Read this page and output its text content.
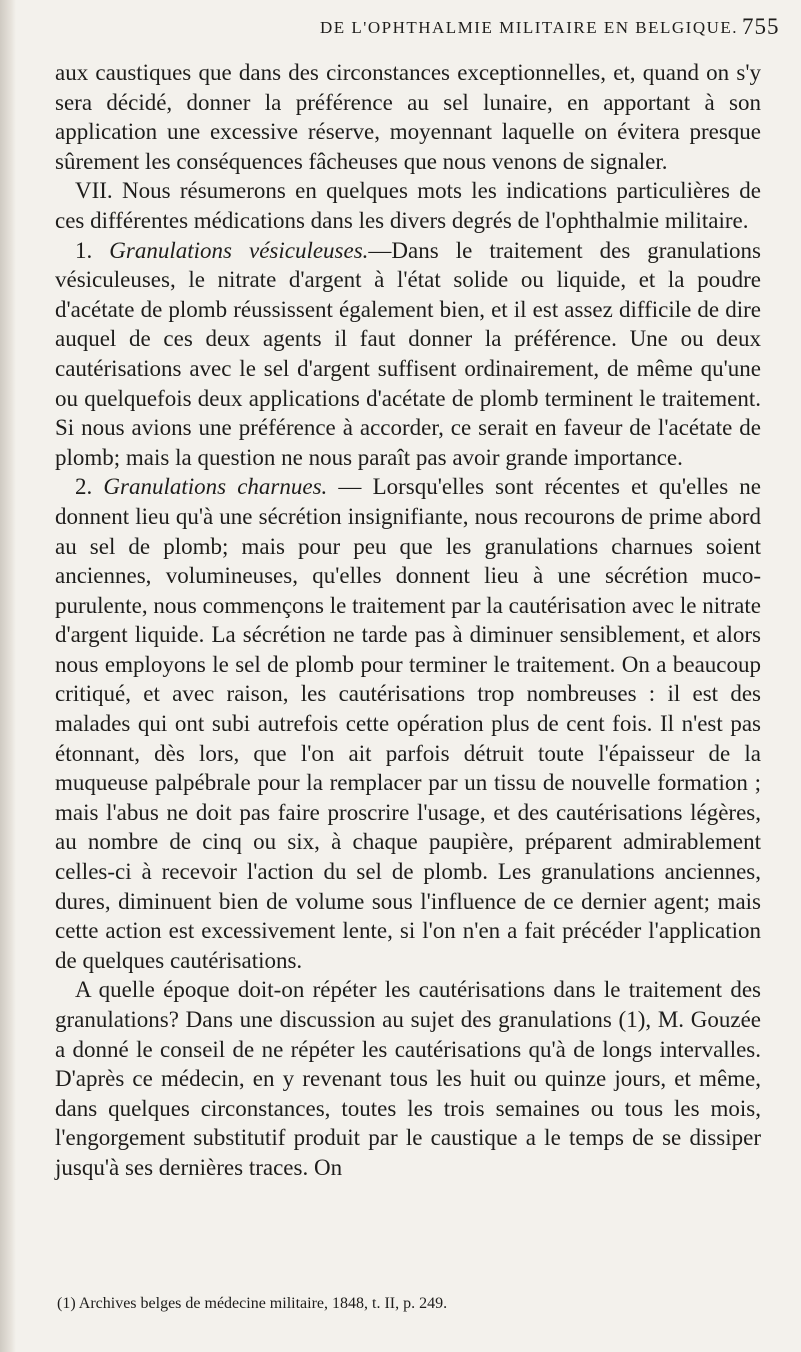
DE L'OPHTHALMIE MILITAIRE EN BELGIQUE. 755

aux caustiques que dans des circonstances exceptionnelles, et, quand on s'y sera décidé, donner la préférence au sel lunaire, en apportant à son application une excessive réserve, moyennant laquelle on évitera presque sûrement les conséquences fâcheuses que nous venons de signaler.

VII. Nous résumerons en quelques mots les indications particulières de ces différentes médications dans les divers degrés de l'ophthalmie militaire.

1. Granulations vésiculeuses.—Dans le traitement des granulations vésiculeuses, le nitrate d'argent à l'état solide ou liquide, et la poudre d'acétate de plomb réussissent également bien, et il est assez difficile de dire auquel de ces deux agents il faut donner la préférence. Une ou deux cautérisations avec le sel d'argent suffisent ordinairement, de même qu'une ou quelquefois deux applications d'acétate de plomb terminent le traitement. Si nous avions une préférence à accorder, ce serait en faveur de l'acétate de plomb; mais la question ne nous paraît pas avoir grande importance.

2. Granulations charnues. — Lorsqu'elles sont récentes et qu'elles ne donnent lieu qu'à une sécrétion insignifiante, nous recourons de prime abord au sel de plomb; mais pour peu que les granulations charnues soient anciennes, volumineuses, qu'elles donnent lieu à une sécrétion muco-purulente, nous commençons le traitement par la cautérisation avec le nitrate d'argent liquide. La sécrétion ne tarde pas à diminuer sensiblement, et alors nous employons le sel de plomb pour terminer le traitement. On a beaucoup critiqué, et avec raison, les cautérisations trop nombreuses : il est des malades qui ont subi autrefois cette opération plus de cent fois. Il n'est pas étonnant, dès lors, que l'on ait parfois détruit toute l'épaisseur de la muqueuse palpébrale pour la remplacer par un tissu de nouvelle formation ; mais l'abus ne doit pas faire proscrire l'usage, et des cautérisations légères, au nombre de cinq ou six, à chaque paupière, préparent admirablement celles-ci à recevoir l'action du sel de plomb. Les granulations anciennes, dures, diminuent bien de volume sous l'influence de ce dernier agent; mais cette action est excessivement lente, si l'on n'en a fait précéder l'application de quelques cautérisations.

A quelle époque doit-on répéter les cautérisations dans le traitement des granulations? Dans une discussion au sujet des granulations (1), M. Gouzée a donné le conseil de ne répéter les cautérisations qu'à de longs intervalles. D'après ce médecin, en y revenant tous les huit ou quinze jours, et même, dans quelques circonstances, toutes les trois semaines ou tous les mois, l'engorgement substitutif produit par le caustique a le temps de se dissiper jusqu'à ses dernières traces. On

(1) Archives belges de médecine militaire, 1848, t. II, p. 249.
